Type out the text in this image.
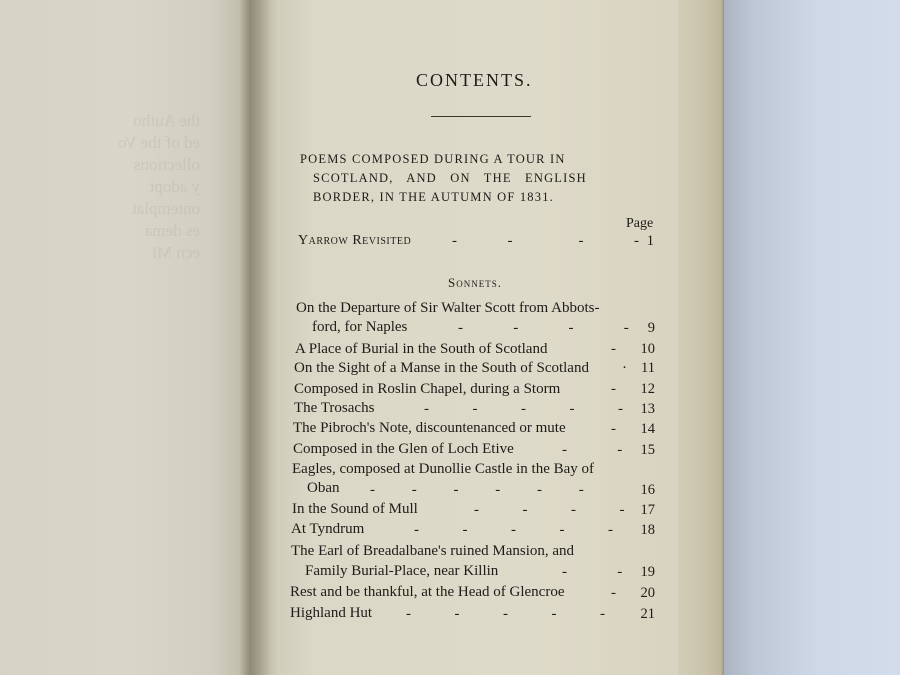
the Autho
ed of the Vo
ollections
y adopt
ontemplat
es dema
ecn Mi
CONTENTS.
POEMS COMPOSED DURING A TOUR IN
SCOTLAND, AND ON THE ENGLISH
BORDER, IN THE AUTUMN OF 1831.
Page
Yarrow Revisited	-      -        -      - 1
Sonnets.
On the Departure of Sir Walter Scott from Abbots-
ford, for Naples	-       -       -       -	9
A Place of Burial in the South of Scotland	-	10
On the Sight of a Manse in the South of Scotland · 11
Composed in Roslin Chapel, during a Storm	-	12
The Trosachs	-      -      -      -      -	13
The Pibroch's Note, discountenanced or mute	-	14
Composed in the Glen of Loch Etive	-       -	15
Eagles, composed at Dunollie Castle in the Bay of
Oban -     -     -     -     -     -	16
In the Sound of Mull	-      -      -      - 17
At Tyndrum	-      -      -      -      -	18
The Earl of Breadalbane's ruined Mansion, and
Family Burial-Place, near Killin	-       -	19
Rest and be thankful, at the Head of Glencroe	-	20
Highland Hut -      -      -      -      -	21
